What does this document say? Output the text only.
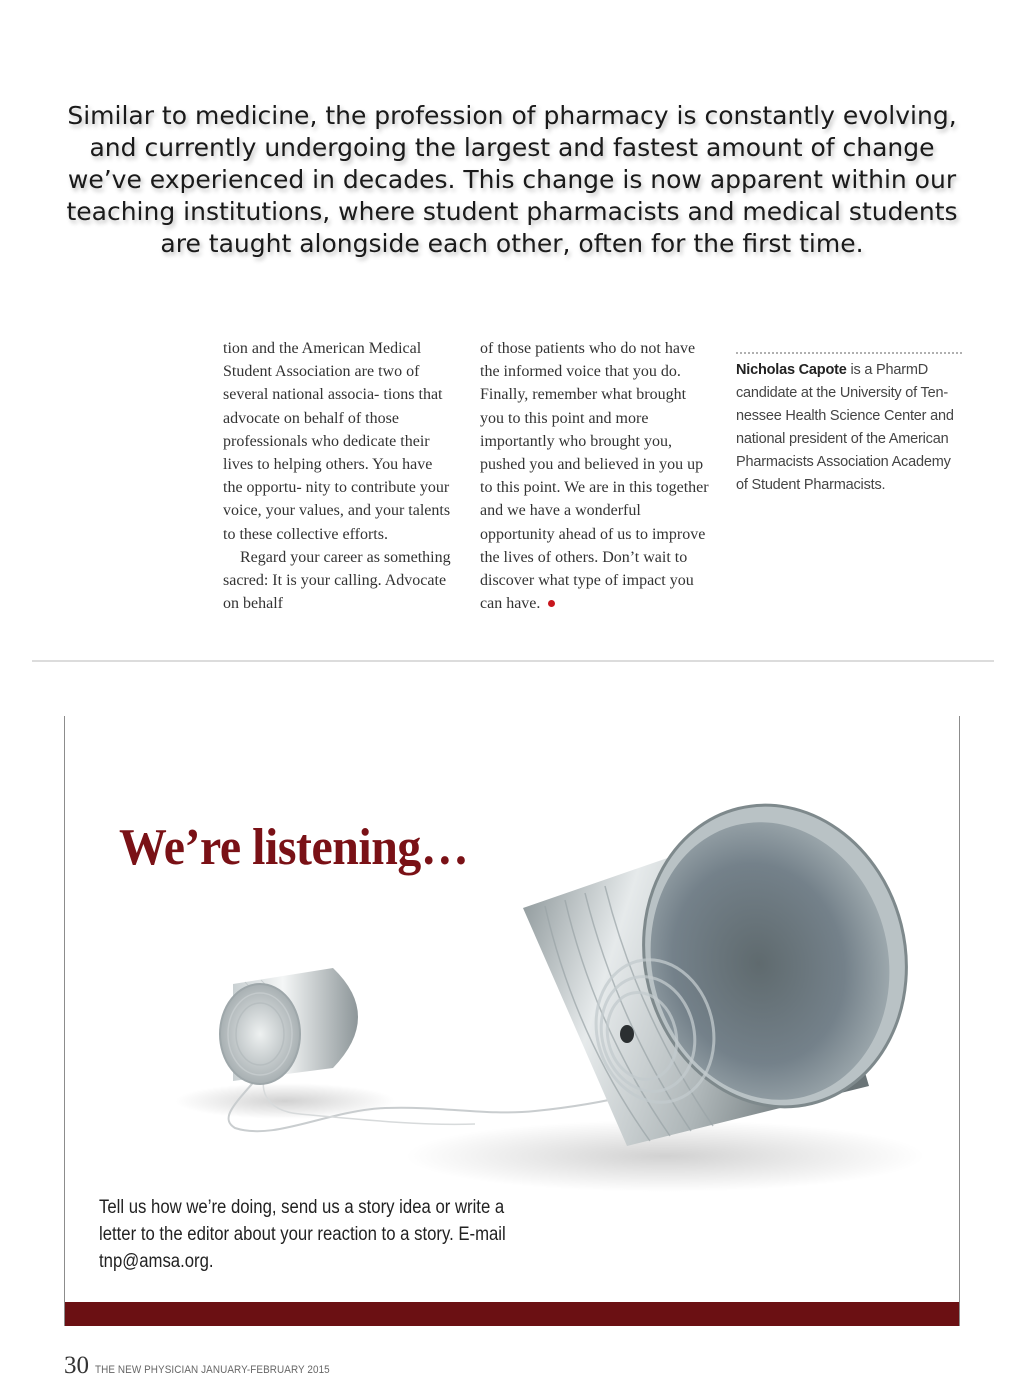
Similar to medicine, the profession of pharmacy is constantly evolving, and currently undergoing the largest and fastest amount of change we’ve experienced in decades. This change is now apparent within our teaching institutions, where student pharmacists and medical students are taught alongside each other, often for the first time.

tion and the American Medical Student Association are two of several national associa- tions that advocate on behalf of those professionals who dedicate their lives to helping others. You have the opportu- nity to contribute your voice, your values, and your talents to these collective efforts.

Regard your career as something sacred: It is your calling. Advocate on behalf

of those patients who do not have the informed voice that you do. Finally, remember what brought you to this point and more importantly who brought you, pushed you and believed in you up to this point. We are in this together and we have a wonderful opportunity ahead of us to improve the lives of others. Don’t wait to discover what type of impact you can have.

Nicholas Capote is a PharmD candidate at the University of Ten- nessee Health Science Center and national president of the American Pharmacists Association Academy of Student Pharmacists.
We’re listening…

Tell us how we’re doing, send us a story idea or write a letter to the editor about your reaction to a story. E-mail tnp@amsa.org.

30 THE NEW PHYSICIAN JANUARY-FEBRUARY 2015
